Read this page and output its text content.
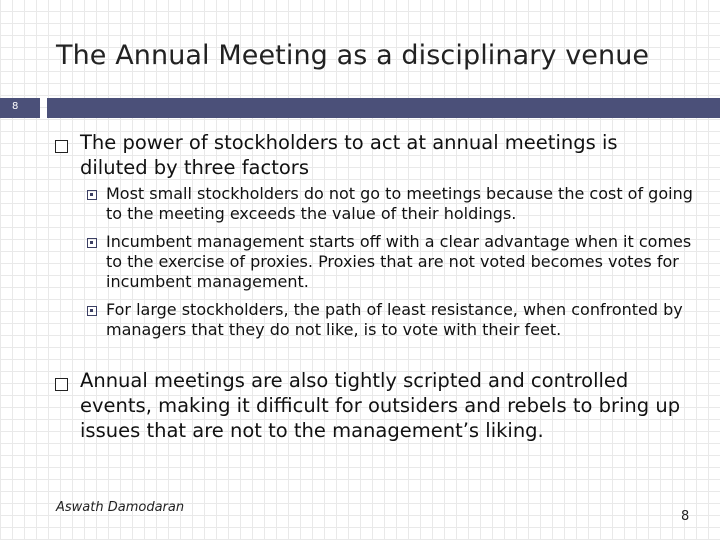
The Annual Meeting as a disciplinary venue
8
The power of stockholders to act at annual meetings is diluted by three factors
Most small stockholders do not go to meetings because the cost of going to the meeting exceeds the value of their holdings.
Incumbent management starts off with a clear advantage when it comes to the exercise of proxies. Proxies that are not voted becomes votes for incumbent management.
For large stockholders, the path of least resistance, when confronted by managers that they do not like, is to vote with their feet.
Annual meetings are also tightly scripted and controlled events, making it difficult for outsiders and rebels to bring up issues that are not to the management’s liking.
Aswath Damodaran
8
